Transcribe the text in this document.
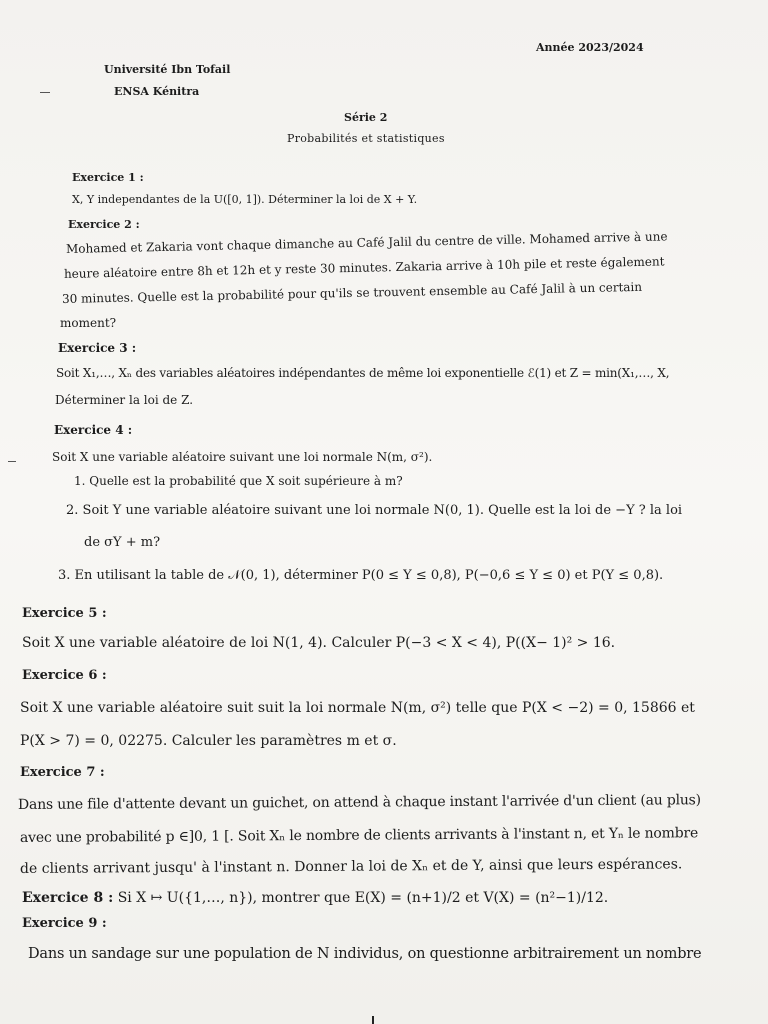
Année 2023/2024
Université Ibn Tofail
ENSA Kénitra
Série 2
Probabilités et statistiques
Exercice 1 :
X, Y independantes de la U([0, 1]). Déterminer la loi de X + Y.
Exercice 2 :
Mohamed et Zakaria vont chaque dimanche au Café Jalil du centre de ville. Mohamed arrive à une
heure aléatoire entre 8h et 12h et y reste 30 minutes. Zakaria arrive à 10h pile et reste également
30 minutes. Quelle est la probabilité pour qu'ils se trouvent ensemble au Café Jalil à un certain
moment?
Exercice 3 :
Soit X₁,…, Xₙ des variables aléatoires indépendantes de même loi exponentielle ℰ(1) et Z = min(X₁,…, X,
Déterminer la loi de Z.
Exercice 4 :
Soit X une variable aléatoire suivant une loi normale N(m, σ²).
1. Quelle est la probabilité que X soit supérieure à m?
2. Soit Y une variable aléatoire suivant une loi normale N(0, 1). Quelle est la loi de −Y ? la loi
de σY + m?
3. En utilisant la table de 𝒩(0, 1), déterminer P(0 ≤ Y ≤ 0,8), P(−0,6 ≤ Y ≤ 0) et P(Y ≤ 0,8).
Exercice 5 :
Soit X une variable aléatoire de loi N(1, 4). Calculer P(−3 < X < 4), P((X− 1)² > 16.
Exercice 6 :
Soit X une variable aléatoire suit suit la loi normale N(m, σ²) telle que P(X < −2) = 0, 15866 et
P(X > 7) = 0, 02275. Calculer les paramètres m et σ.
Exercice 7 :
Dans une file d'attente devant un guichet, on attend à chaque instant l'arrivée d'un client (au plus)
avec une probabilité p ∈]0, 1 [. Soit Xₙ le nombre de clients arrivants à l'instant n, et Yₙ le nombre
de clients arrivant jusqu' à l'instant n. Donner la loi de Xₙ et de Y, ainsi que leurs espérances.
Exercice 8 : Si X ↦ U({1,…, n}), montrer que E(X) = (n+1)/2 et V(X) = (n²−1)/12.
Exercice 9 :
Dans un sandage sur une population de N individus, on questionne arbitrairement un nombre
